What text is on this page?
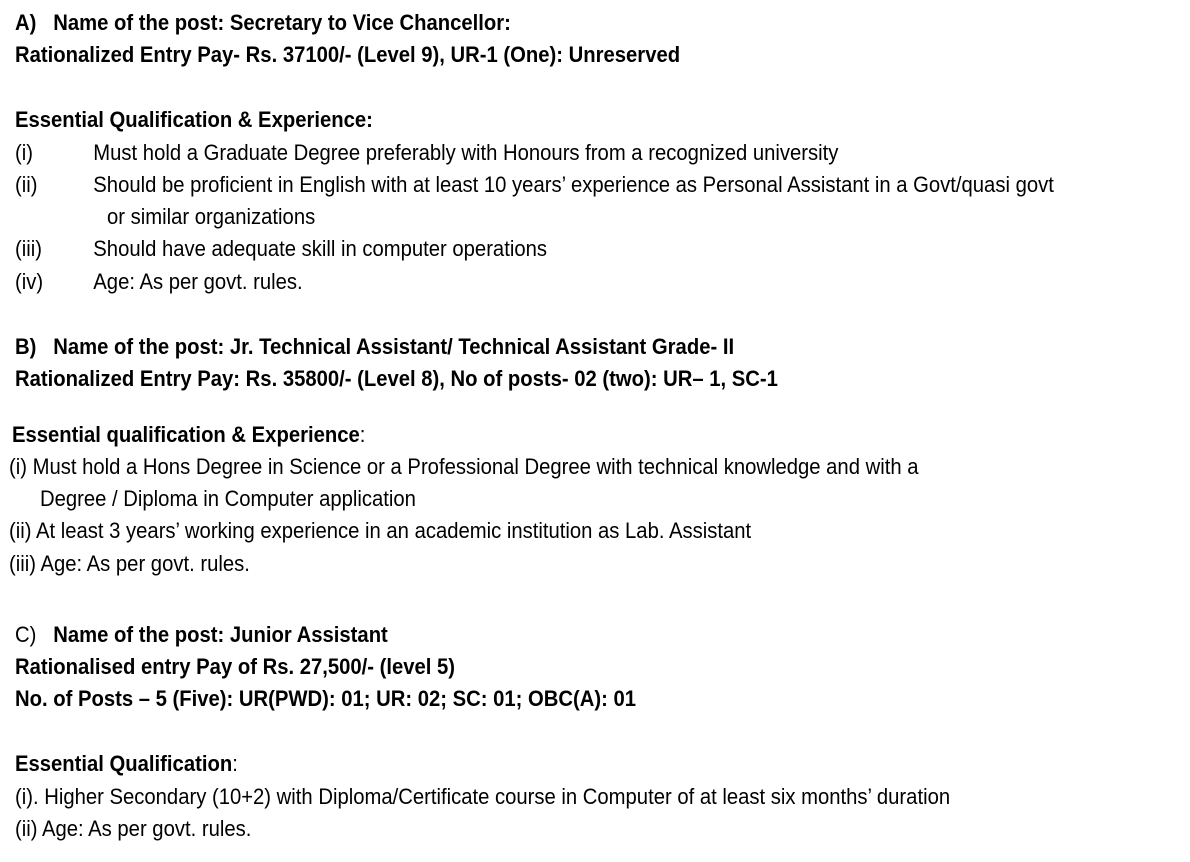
A) Name of the post: Secretary to Vice Chancellor:
Rationalized Entry Pay- Rs. 37100/- (Level 9), UR-1 (One): Unreserved
Essential Qualification & Experience:
(i)	Must hold a Graduate Degree preferably with Honours from a recognized university
(ii) Should be proficient in English with at least 10 years’ experience as Personal Assistant in a Govt/quasi govt
or similar organizations
(iii) Should have adequate skill in computer operations
(iv) Age: As per govt. rules.
B) Name of the post: Jr. Technical Assistant/ Technical Assistant Grade- II
Rationalized Entry Pay: Rs. 35800/- (Level 8), No of posts- 02 (two): UR– 1, SC-1
Essential qualification & Experience:
(i) Must hold a Hons Degree in Science or a Professional Degree with technical knowledge and with a
Degree / Diploma in Computer application
(ii) At least 3 years’ working experience in an academic institution as Lab. Assistant
(iii) Age: As per govt. rules.
C) Name of the post: Junior Assistant
Rationalised entry Pay of Rs. 27,500/- (level 5)
No. of Posts – 5 (Five): UR(PWD): 01; UR: 02; SC: 01; OBC(A): 01
Essential Qualification:
(i). Higher Secondary (10+2) with Diploma/Certificate course in Computer of at least six months’ duration
(ii) Age: As per govt. rules.
